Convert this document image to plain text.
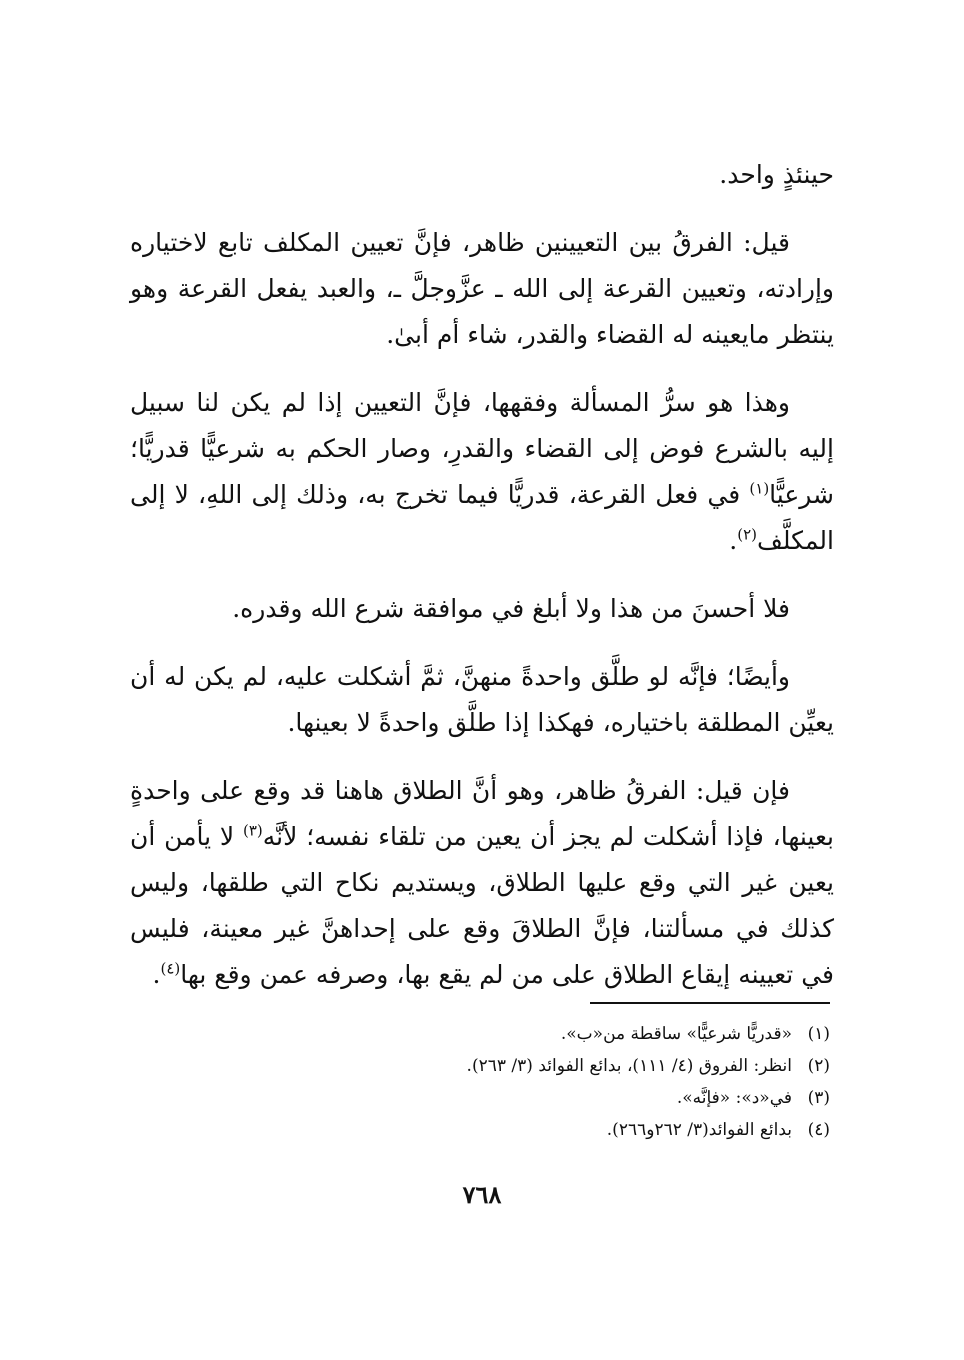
حينئذٍ واحد.

قيل: الفرقُ بين التعيينين ظاهر، فإنَّ تعيين المكلف تابع لاختياره وإرادته، وتعيين القرعة إلى الله ـ عزَّوجلَّ ـ، والعبد يفعل القرعة وهو ينتظر مايعينه له القضاء والقدر، شاء أم أبىٰ.

وهذا هو سرُّ المسألة وفقهها، فإنَّ التعيين إذا لم يكن لنا سبيل إليه بالشرع فوض إلى القضاء والقدرِ، وصار الحكم به شرعيًّا قدريًّا؛ شرعيًّا$^{(١)}$ في فعل القرعة، قدريًّا فيما تخرج به، وذلك إلى اللهِ، لا إلى المكلَّف$^{(٢)}$.

فلا أحسنَ من هذا ولا أبلغ في موافقة شرع الله وقدره.

وأيضًا؛ فإنَّه لو طلَّق واحدةً منهنَّ، ثمَّ أشكلت عليه، لم يكن له أن يعيِّن المطلقة باختياره، فهكذا إذا طلَّق واحدةً لا بعينها.

فإن قيل: الفرقُ ظاهر، وهو أنَّ الطلاق هاهنا قد وقع على واحدةٍ بعينها، فإذا أشكلت لم يجز أن يعين من تلقاء نفسه؛ لأنَّه$^{(٣)}$ لا يأمن أن يعين غير التي وقع عليها الطلاق، ويستديم نكاح التي طلقها، وليس كذلك في مسألتنا، فإنَّ الطلاقَ وقع على إحداهنَّ غير معينة، فليس في تعيينه إيقاع الطلاق على من لم يقع بها، وصرفه عمن وقع بها$^{(٤)}$.

(١)«قدريًّا شرعيًّا» ساقطة من«ب».

(٢)انظر: الفروق (٤/ ١١١)، بدائع الفوائد (٣/ ٢٦٣).

(٣)في«د»: «فإنَّه».

(٤)بدائع الفوائد(٣/ ٢٦٢و٢٦٦).

٧٦٨
